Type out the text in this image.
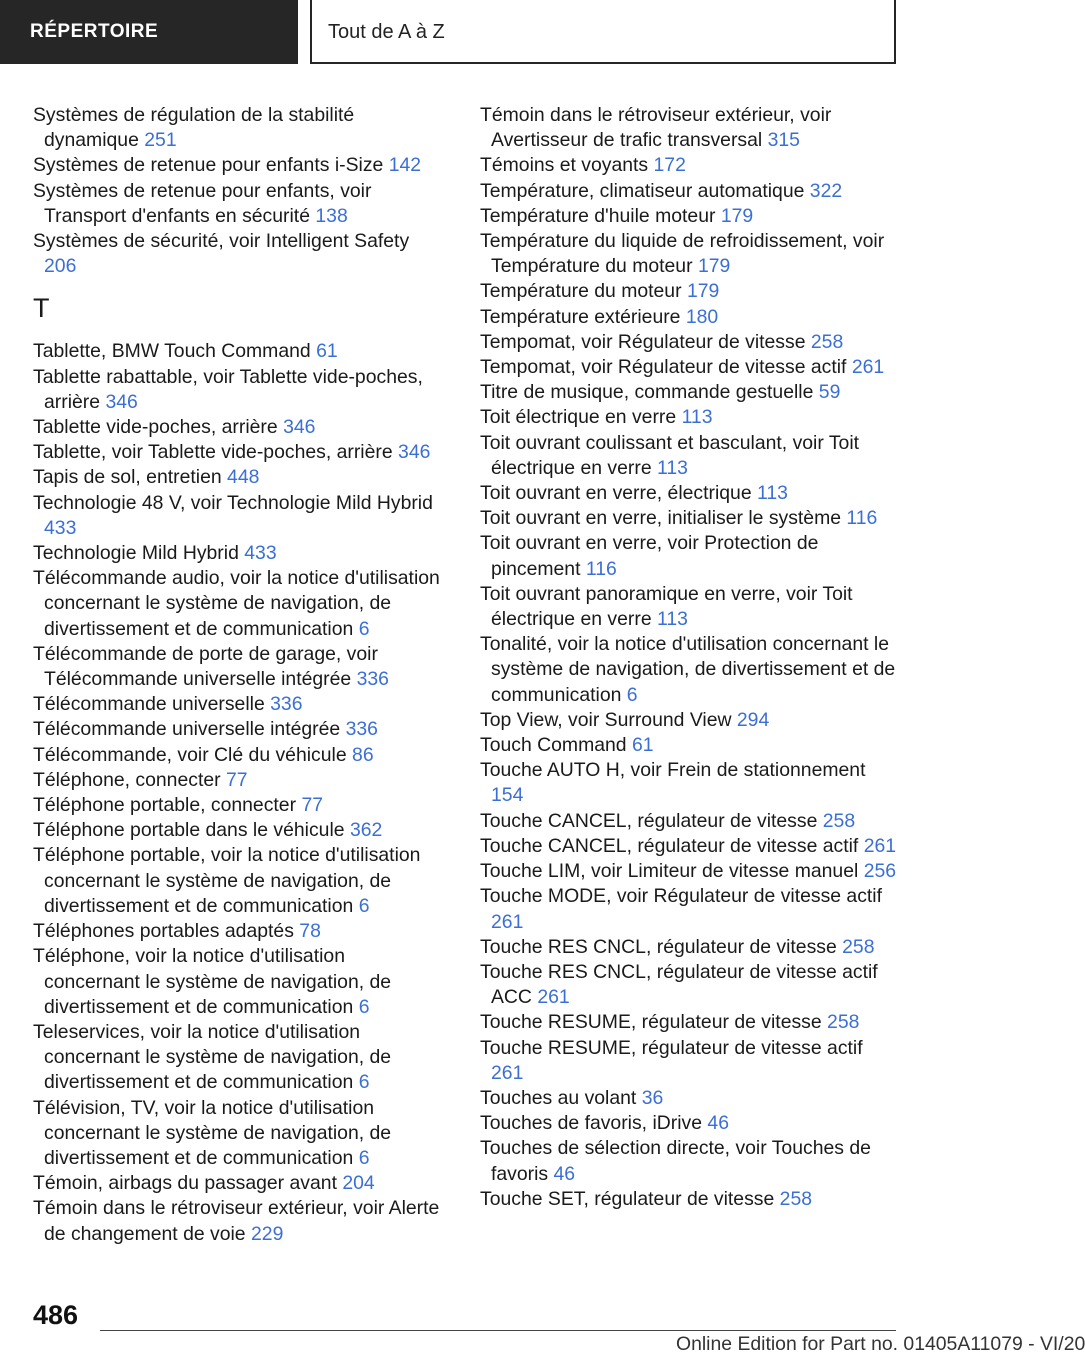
RÉPERTOIRE	Tout de A à Z
Systèmes de régulation de la stabilité dynamique 251
Systèmes de retenue pour enfants i‑Size 142
Systèmes de retenue pour enfants, voir Transport d'enfants en sécurité 138
Systèmes de sécurité, voir Intelligent Safety 206
T
Tablette, BMW Touch Command 61
Tablette rabattable, voir Tablette vide-poches, arrière 346
Tablette vide-poches, arrière 346
Tablette, voir Tablette vide-poches, arrière 346
Tapis de sol, entretien 448
Technologie 48 V, voir Technologie Mild Hybrid 433
Technologie Mild Hybrid 433
Télécommande audio, voir la notice d'utilisation concernant le système de navigation, de divertissement et de communication 6
Télécommande de porte de garage, voir Télécommande universelle intégrée 336
Télécommande universelle 336
Télécommande universelle intégrée 336
Télécommande, voir Clé du véhicule 86
Téléphone, connecter 77
Téléphone portable, connecter 77
Téléphone portable dans le véhicule 362
Téléphone portable, voir la notice d'utilisation concernant le système de navigation, de divertissement et de communication 6
Téléphones portables adaptés 78
Téléphone, voir la notice d'utilisation concernant le système de navigation, de divertissement et de communication 6
Teleservices, voir la notice d'utilisation concernant le système de navigation, de divertissement et de communication 6
Télévision, TV, voir la notice d'utilisation concernant le système de navigation, de divertissement et de communication 6
Témoin, airbags du passager avant 204
Témoin dans le rétroviseur extérieur, voir Alerte de changement de voie 229
Témoin dans le rétroviseur extérieur, voir Avertisseur de trafic transversal 315
Témoins et voyants 172
Température, climatiseur automatique 322
Température d'huile moteur 179
Température du liquide de refroidissement, voir Température du moteur 179
Température du moteur 179
Température extérieure 180
Tempomat, voir Régulateur de vitesse 258
Tempomat, voir Régulateur de vitesse actif 261
Titre de musique, commande gestuelle 59
Toit électrique en verre 113
Toit ouvrant coulissant et basculant, voir Toit électrique en verre 113
Toit ouvrant en verre, électrique 113
Toit ouvrant en verre, initialiser le système 116
Toit ouvrant en verre, voir Protection de pincement 116
Toit ouvrant panoramique en verre, voir Toit électrique en verre 113
Tonalité, voir la notice d'utilisation concernant le système de navigation, de divertissement et de communication 6
Top View, voir Surround View 294
Touch Command 61
Touche AUTO H, voir Frein de stationnement 154
Touche CANCEL, régulateur de vitesse 258
Touche CANCEL, régulateur de vitesse actif 261
Touche LIM, voir Limiteur de vitesse manuel 256
Touche MODE, voir Régulateur de vitesse actif 261
Touche RES CNCL, régulateur de vitesse 258
Touche RES CNCL, régulateur de vitesse actif ACC 261
Touche RESUME, régulateur de vitesse 258
Touche RESUME, régulateur de vitesse actif 261
Touches au volant 36
Touches de favoris, iDrive 46
Touches de sélection directe, voir Touches de favoris 46
Touche SET, régulateur de vitesse 258
486
Online Edition for Part no. 01405A11079 - VI/20
